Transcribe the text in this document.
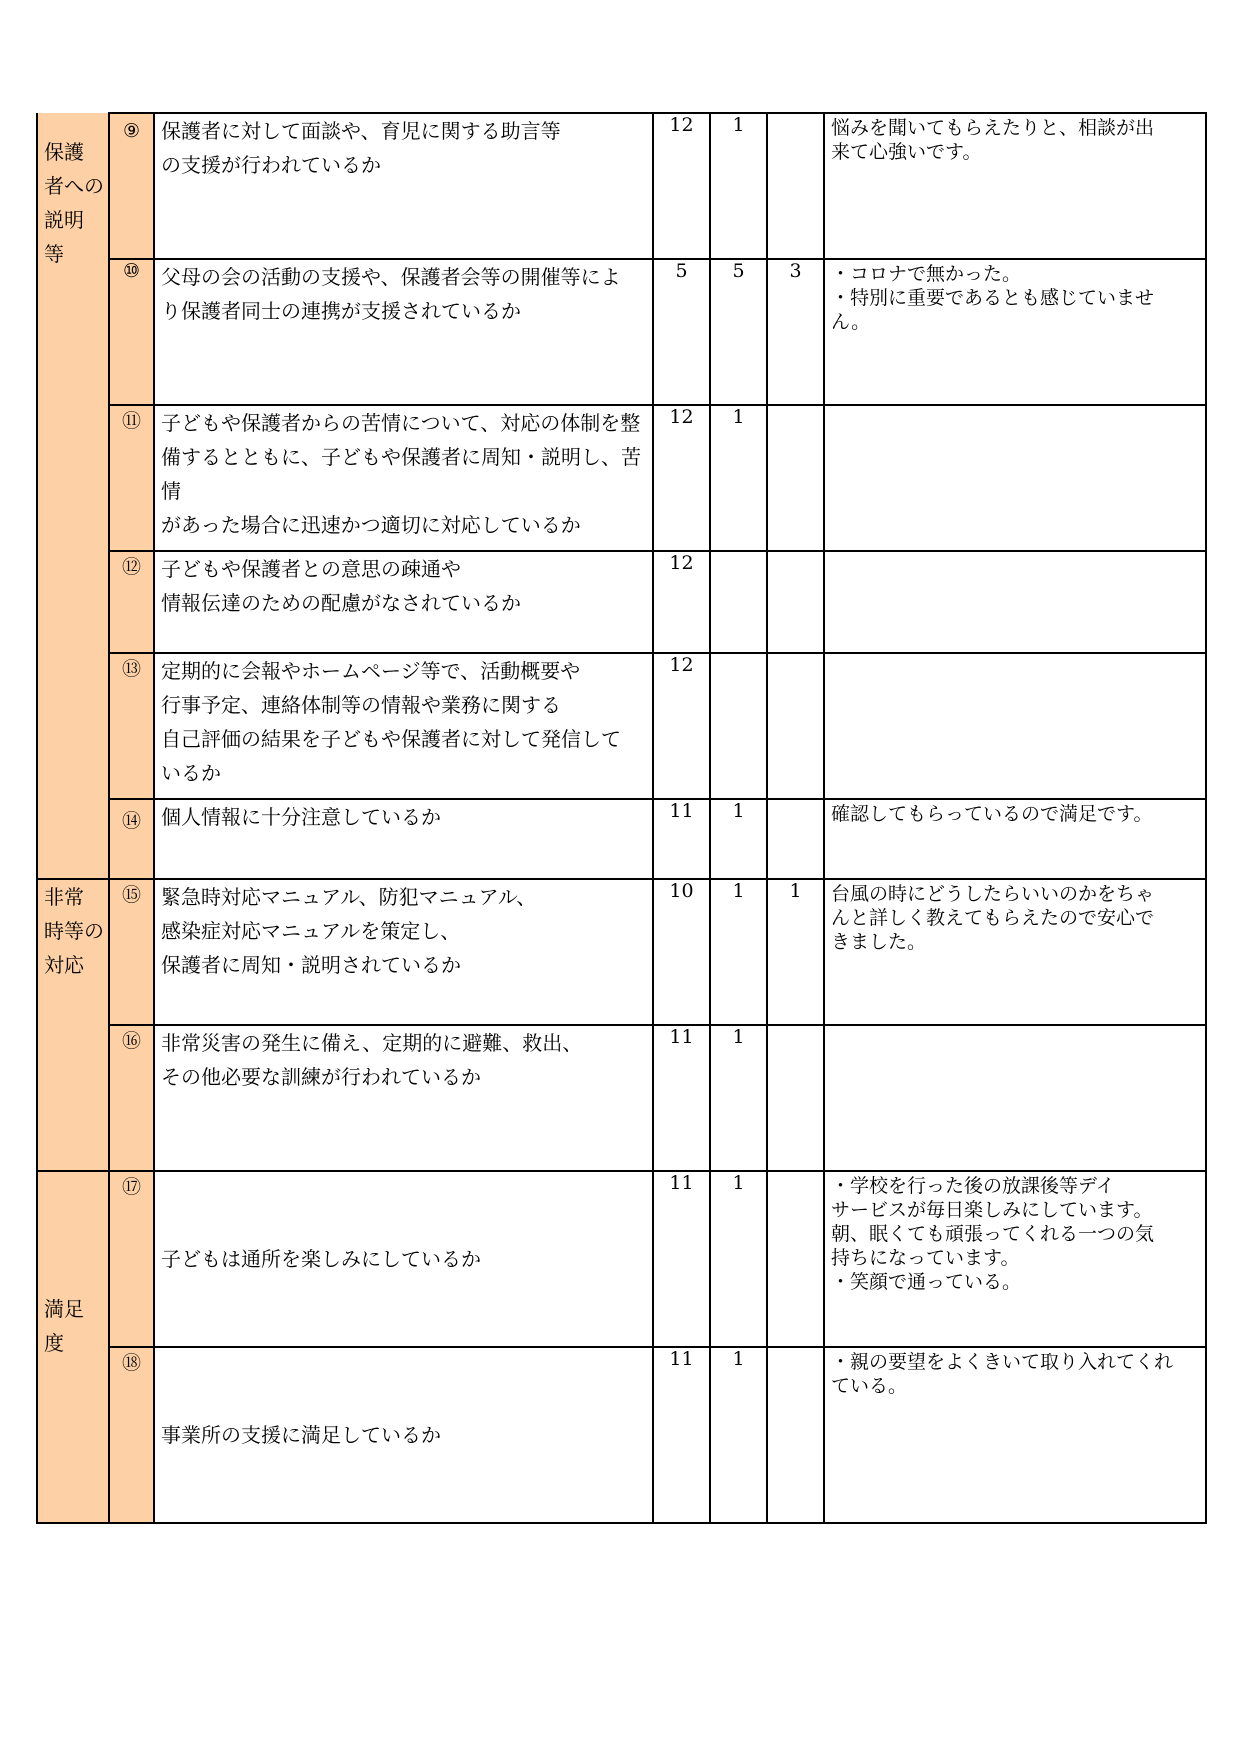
保護
者への
説明
等	⑨	保護者に対して面談や、育児に関する助言等
の支援が行われているか	12	1		悩みを聞いてもらえたりと、相談が出
来て心強いです。

	⑩	父母の会の活動の支援や、保護者会等の開催等によ
り保護者同士の連携が支援されているか	5	5	3	・コロナで無かった。
・特別に重要であるとも感じていませ
ん。

	⑪	子どもや保護者からの苦情について、対応の体制を整
備するとともに、子どもや保護者に周知・説明し、苦情
があった場合に迅速かつ適切に対応しているか	12	1		
	⑫	子どもや保護者との意思の疎通や
情報伝達のための配慮がなされているか	12			
	⑬	定期的に会報やホームページ等で、活動概要や
行事予定、連絡体制等の情報や業務に関する
自己評価の結果を子どもや保護者に対して発信して
いるか	12			
	⑭	個人情報に十分注意しているか	11	1		確認してもらっているので満足です。

非常
時等の
対応	⑮	緊急時対応マニュアル、防犯マニュアル、
感染症対応マニュアルを策定し、
保護者に周知・説明されているか	10	1	1	台風の時にどうしたらいいのかをちゃ
んと詳しく教えてもらえたので安心で
きました。

	⑯	非常災害の発生に備え、定期的に避難、救出、
その他必要な訓練が行われているか	11	1		

満足
度	⑰	子どもは通所を楽しみにしているか	11	1		・学校を行った後の放課後等デイ
サービスが毎日楽しみにしています。
朝、眠くても頑張ってくれる一つの気
持ちになっています。
・笑顔で通っている。

	⑱	事業所の支援に満足しているか	11	1		・親の要望をよくきいて取り入れてくれ
ている。
